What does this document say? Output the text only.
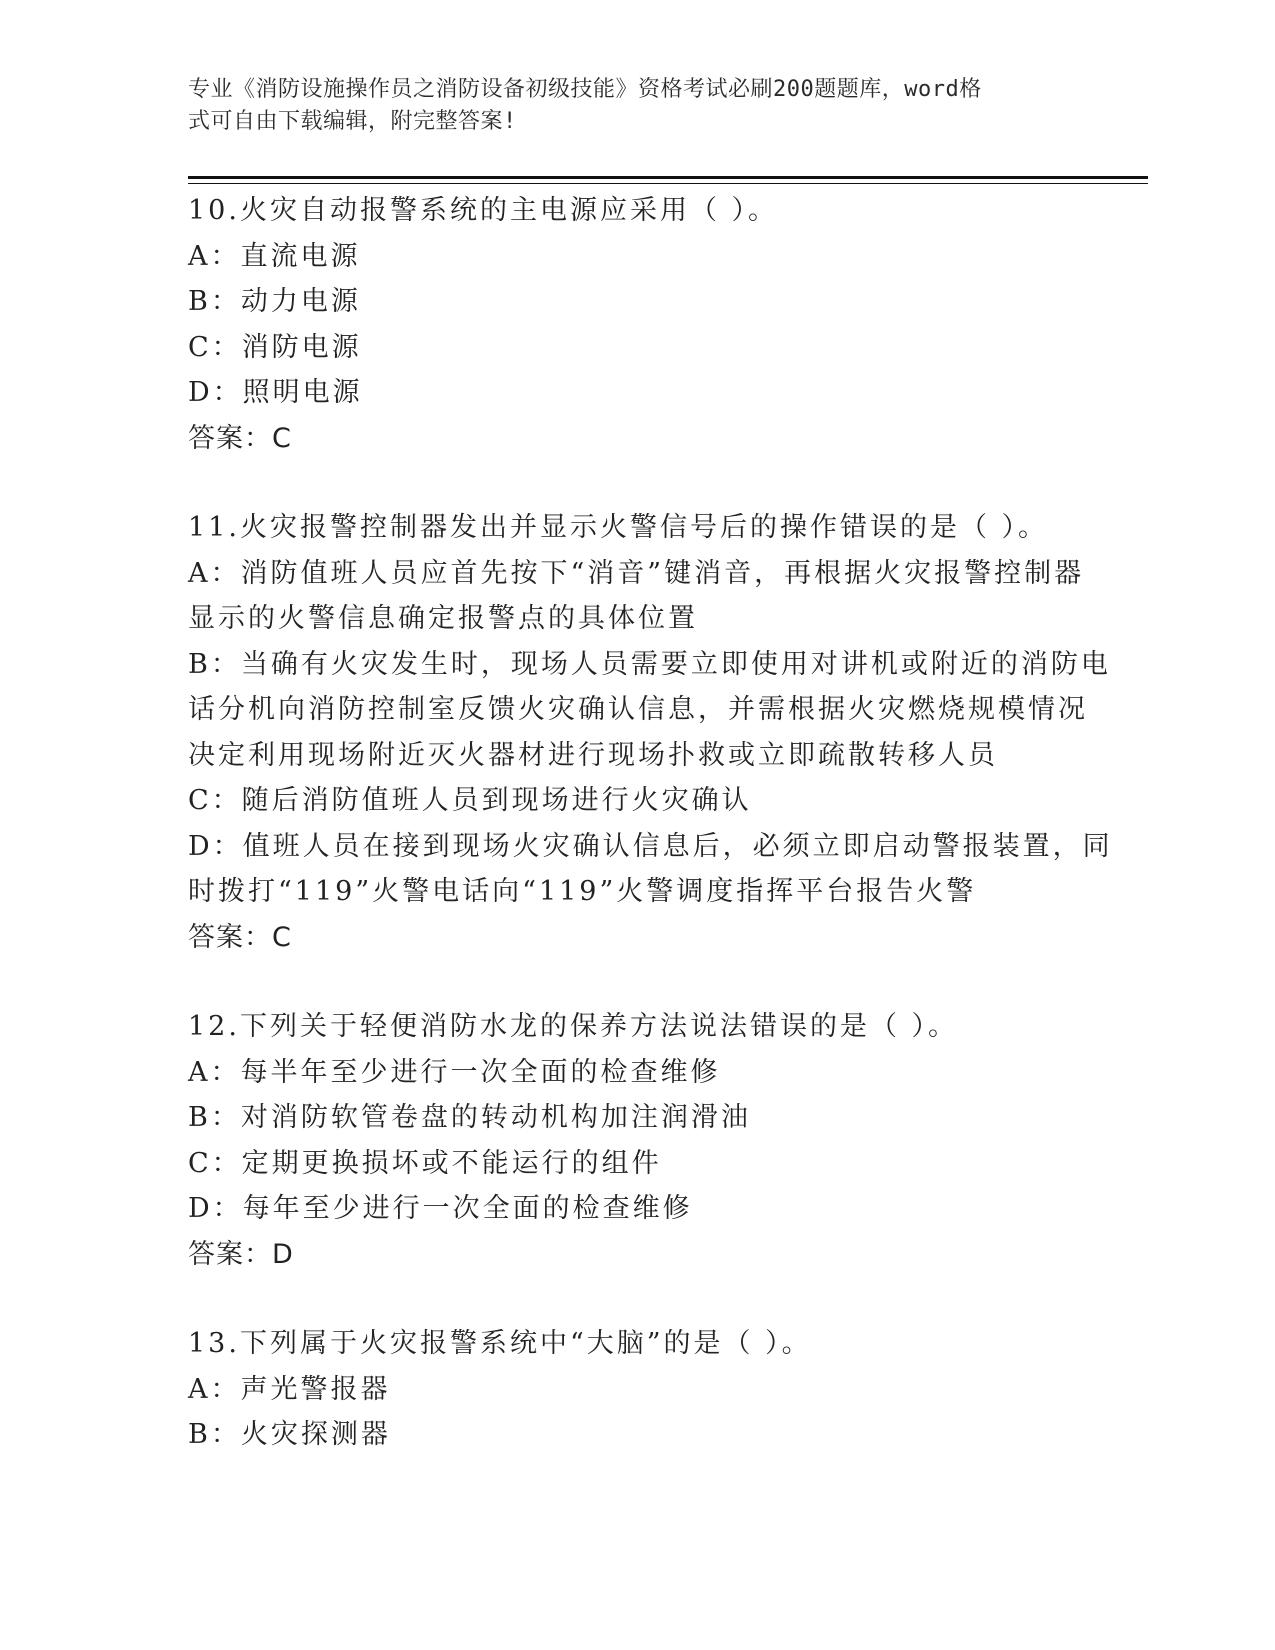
专业《消防设施操作员之消防设备初级技能》资格考试必刷200题题库，word格
式可自由下载编辑，附完整答案!
10.火灾自动报警系统的主电源应采用（ ）。
A：直流电源
B：动力电源
C：消防电源
D：照明电源
答案：C
11.火灾报警控制器发出并显示火警信号后的操作错误的是（ ）。
A：消防值班人员应首先按下“消音”键消音，再根据火灾报警控制器
显示的火警信息确定报警点的具体位置
B：当确有火灾发生时，现场人员需要立即使用对讲机或附近的消防电
话分机向消防控制室反馈火灾确认信息，并需根据火灾燃烧规模情况
决定利用现场附近灭火器材进行现场扑救或立即疏散转移人员
C：随后消防值班人员到现场进行火灾确认
D：值班人员在接到现场火灾确认信息后，必须立即启动警报装置，同
时拨打“119”火警电话向“119”火警调度指挥平台报告火警
答案：C
12.下列关于轻便消防水龙的保养方法说法错误的是（ ）。
A：每半年至少进行一次全面的检查维修
B：对消防软管卷盘的转动机构加注润滑油
C：定期更换损坏或不能运行的组件
D：每年至少进行一次全面的检查维修
答案：D
13.下列属于火灾报警系统中“大脑”的是（ ）。
A：声光警报器
B：火灾探测器
